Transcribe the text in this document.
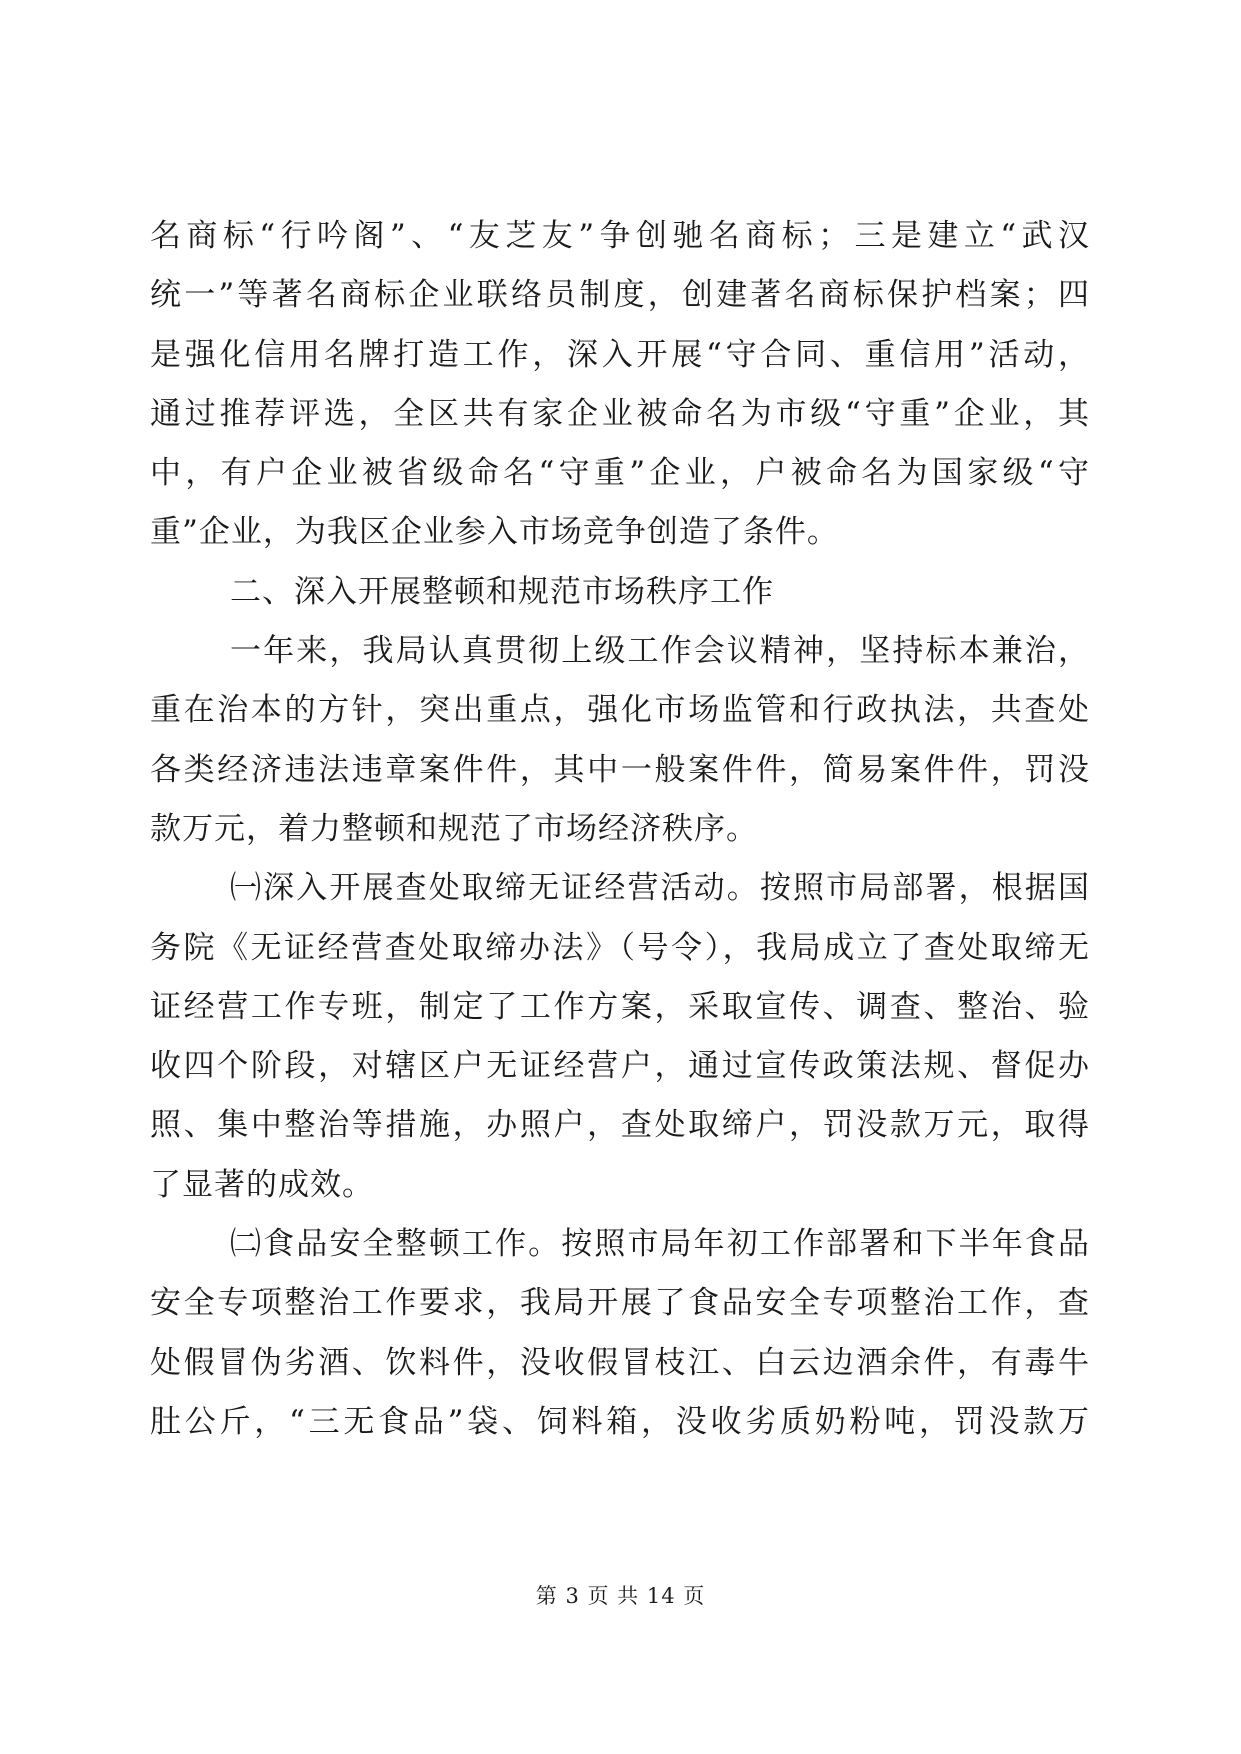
名商标“行吟阁”、“友芝友”争创驰名商标；三是建立“武汉
统一”等著名商标企业联络员制度，创建著名商标保护档案；四
是强化信用名牌打造工作，深入开展“守合同、重信用”活动，
通过推荐评选，全区共有家企业被命名为市级“守重”企业，其
中，有户企业被省级命名“守重”企业，户被命名为国家级“守
重”企业，为我区企业参入市场竞争创造了条件。
二、深入开展整顿和规范市场秩序工作
一年来，我局认真贯彻上级工作会议精神，坚持标本兼治，
重在治本的方针，突出重点，强化市场监管和行政执法，共查处
各类经济违法违章案件件，其中一般案件件，简易案件件，罚没
款万元，着力整顿和规范了市场经济秩序。
㈠深入开展查处取缔无证经营活动。按照市局部署，根据国
务院《无证经营查处取缔办法》（号令），我局成立了查处取缔无
证经营工作专班，制定了工作方案，采取宣传、调查、整治、验
收四个阶段，对辖区户无证经营户，通过宣传政策法规、督促办
照、集中整治等措施，办照户，查处取缔户，罚没款万元，取得
了显著的成效。
㈡食品安全整顿工作。按照市局年初工作部署和下半年食品
安全专项整治工作要求，我局开展了食品安全专项整治工作，查
处假冒伪劣酒、饮料件，没收假冒枝江、白云边酒余件，有毒牛
肚公斤，“三无食品”袋、饲料箱，没收劣质奶粉吨，罚没款万
第 3 页 共 14 页
